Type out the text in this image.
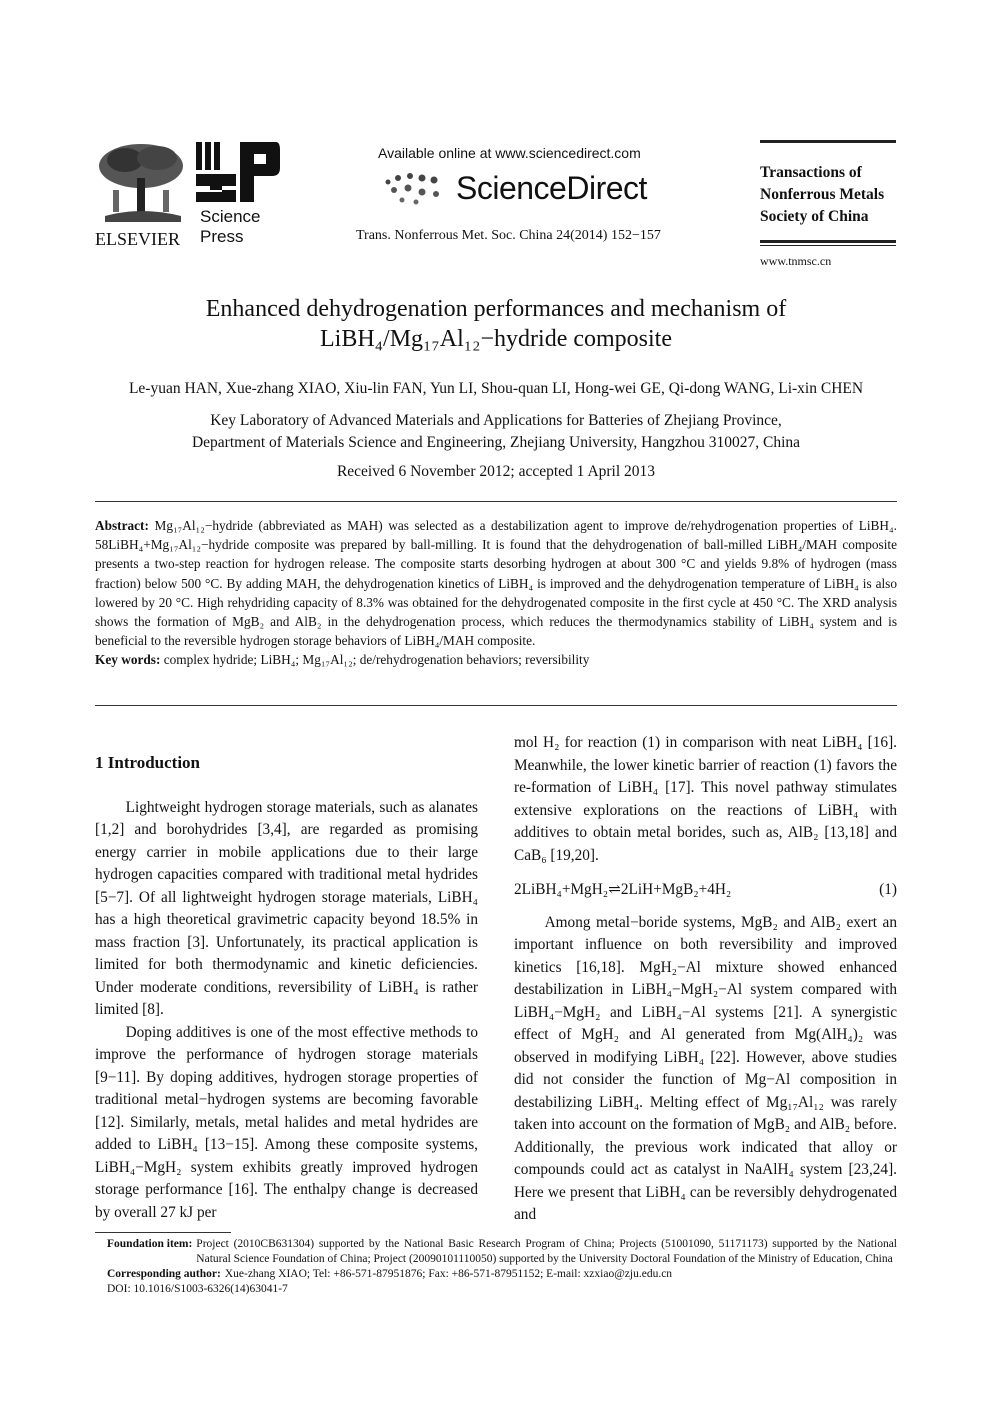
ELSEVIER
Science
Press
Available online at www.sciencedirect.com
ScienceDirect
Trans. Nonferrous Met. Soc. China 24(2014) 152−157
Transactions of
Nonferrous Metals
Society of China
www.tnmsc.cn
Enhanced dehydrogenation performances and mechanism of
LiBH₄/Mg₁₇Al₁₂−hydride composite
Le-yuan HAN, Xue-zhang XIAO, Xiu-lin FAN, Yun LI, Shou-quan LI, Hong-wei GE, Qi-dong WANG, Li-xin CHEN
Key Laboratory of Advanced Materials and Applications for Batteries of Zhejiang Province,
Department of Materials Science and Engineering, Zhejiang University, Hangzhou 310027, China
Received 6 November 2012; accepted 1 April 2013

Abstract: Mg₁₇Al₁₂−hydride (abbreviated as MAH) was selected as a destabilization agent to improve de/rehydrogenation properties of LiBH₄. 58LiBH₄+Mg₁₇Al₁₂−hydride composite was prepared by ball-milling. It is found that the dehydrogenation of ball-milled LiBH₄/MAH composite presents a two-step reaction for hydrogen release. The composite starts desorbing hydrogen at about 300 °C and yields 9.8% of hydrogen (mass fraction) below 500 °C. By adding MAH, the dehydrogenation kinetics of LiBH₄ is improved and the dehydrogenation temperature of LiBH₄ is also lowered by 20 °C. High rehydriding capacity of 8.3% was obtained for the dehydrogenated composite in the first cycle at 450 °C. The XRD analysis shows the formation of MgB₂ and AlB₂ in the dehydrogenation process, which reduces the thermodynamics stability of LiBH₄ system and is beneficial to the reversible hydrogen storage behaviors of LiBH₄/MAH composite.

Key words: complex hydride; LiBH₄; Mg₁₇Al₁₂; de/rehydrogenation behaviors; reversibility

1 Introduction

Lightweight hydrogen storage materials, such as alanates [1,2] and borohydrides [3,4], are regarded as promising energy carrier in mobile applications due to their large hydrogen capacities compared with traditional metal hydrides [5−7]. Of all lightweight hydrogen storage materials, LiBH₄ has a high theoretical gravimetric capacity beyond 18.5% in mass fraction [3]. Unfortunately, its practical application is limited for both thermodynamic and kinetic deficiencies. Under moderate conditions, reversibility of LiBH₄ is rather limited [8].

Doping additives is one of the most effective methods to improve the performance of hydrogen storage materials [9−11]. By doping additives, hydrogen storage properties of traditional metal−hydrogen systems are becoming favorable [12]. Similarly, metals, metal halides and metal hydrides are added to LiBH₄ [13−15]. Among these composite systems, LiBH₄−MgH₂ system exhibits greatly improved hydrogen storage performance [16]. The enthalpy change is decreased by overall 27 kJ per

mol H₂ for reaction (1) in comparison with neat LiBH₄ [16]. Meanwhile, the lower kinetic barrier of reaction (1) favors the re-formation of LiBH₄ [17]. This novel pathway stimulates extensive explorations on the reactions of LiBH₄ with additives to obtain metal borides, such as, AlB₂ [13,18] and CaB₆ [19,20].

2LiBH₄+MgH₂⇌2LiH+MgB₂+4H₂	(1)

Among metal−boride systems, MgB₂ and AlB₂ exert an important influence on both reversibility and improved kinetics [16,18]. MgH₂−Al mixture showed enhanced destabilization in LiBH₄−MgH₂−Al system compared with LiBH₄−MgH₂ and LiBH₄−Al systems [21]. A synergistic effect of MgH₂ and Al generated from Mg(AlH₄)₂ was observed in modifying LiBH₄ [22]. However, above studies did not consider the function of Mg−Al composition in destabilizing LiBH₄. Melting effect of Mg₁₇Al₁₂ was rarely taken into account on the formation of MgB₂ and AlB₂ before. Additionally, the previous work indicated that alloy or compounds could act as catalyst in NaAlH₄ system [23,24]. Here we present that LiBH₄ can be reversibly dehydrogenated and

Foundation item: Project (2010CB631304) supported by the National Basic Research Program of China; Projects (51001090, 51171173) supported by the National Natural Science Foundation of China; Project (20090101110050) supported by the University Doctoral Foundation of the Ministry of Education, China
Corresponding author: Xue-zhang XIAO; Tel: +86-571-87951876; Fax: +86-571-87951152; E-mail: xzxiao@zju.edu.cn
DOI: 10.1016/S1003-6326(14)63041-7
